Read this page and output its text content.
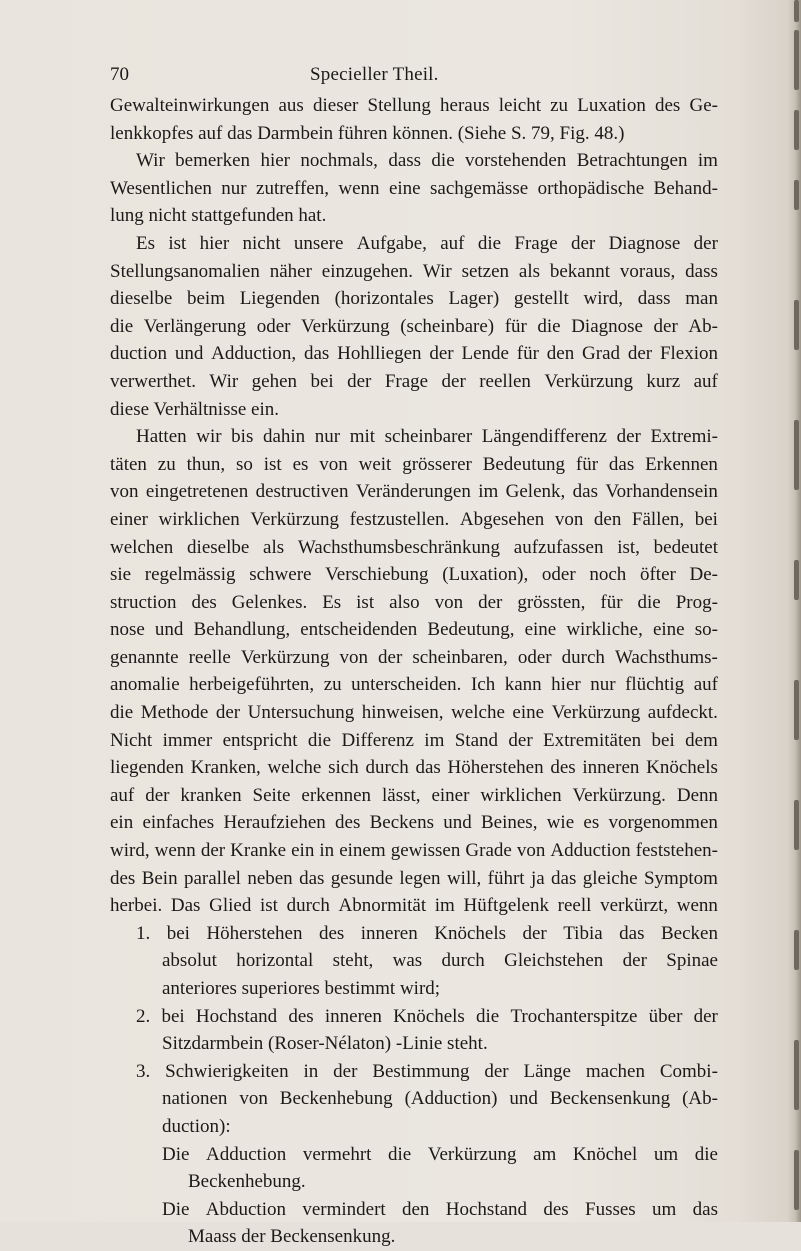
70	Specieller Theil.
Gewalteinwirkungen aus dieser Stellung heraus leicht zu Luxation des Ge-
lenkkopfes auf das Darmbein führen können. (Siehe S. 79, Fig. 48.)
Wir bemerken hier nochmals, dass die vorstehenden Betrachtungen im
Wesentlichen nur zutreffen, wenn eine sachgemässe orthopädische Behand-
lung nicht stattgefunden hat.
Es ist hier nicht unsere Aufgabe, auf die Frage der Diagnose der
Stellungsanomalien näher einzugehen. Wir setzen als bekannt voraus, dass
dieselbe beim Liegenden (horizontales Lager) gestellt wird, dass man
die Verlängerung oder Verkürzung (scheinbare) für die Diagnose der Ab-
duction und Adduction, das Hohlliegen der Lende für den Grad der Flexion
verwerthet. Wir gehen bei der Frage der reellen Verkürzung kurz auf
diese Verhältnisse ein.
Hatten wir bis dahin nur mit scheinbarer Längendifferenz der Extremi-
täten zu thun, so ist es von weit grösserer Bedeutung für das Erkennen
von eingetretenen destructiven Veränderungen im Gelenk, das Vorhandensein
einer wirklichen Verkürzung festzustellen. Abgesehen von den Fällen, bei
welchen dieselbe als Wachsthumsbeschränkung aufzufassen ist, bedeutet
sie regelmässig schwere Verschiebung (Luxation), oder noch öfter De-
struction des Gelenkes. Es ist also von der grössten, für die Prog-
nose und Behandlung, entscheidenden Bedeutung, eine wirkliche, eine so-
genannte reelle Verkürzung von der scheinbaren, oder durch Wachsthums-
anomalie herbeigeführten, zu unterscheiden. Ich kann hier nur flüchtig auf
die Methode der Untersuchung hinweisen, welche eine Verkürzung aufdeckt.
Nicht immer entspricht die Differenz im Stand der Extremitäten bei dem
liegenden Kranken, welche sich durch das Höherstehen des inneren Knöchels
auf der kranken Seite erkennen lässt, einer wirklichen Verkürzung. Denn
ein einfaches Heraufziehen des Beckens und Beines, wie es vorgenommen
wird, wenn der Kranke ein in einem gewissen Grade von Adduction feststehen-
des Bein parallel neben das gesunde legen will, führt ja das gleiche Symptom
herbei. Das Glied ist durch Abnormität im Hüftgelenk reell verkürzt, wenn
1. bei Höherstehen des inneren Knöchels der Tibia das Becken
absolut horizontal steht, was durch Gleichstehen der Spinae
anteriores superiores bestimmt wird;
2. bei Hochstand des inneren Knöchels die Trochanterspitze über der
Sitzdarmbein (Roser-Nélaton) -Linie steht.
3. Schwierigkeiten in der Bestimmung der Länge machen Combi-
nationen von Beckenhebung (Adduction) und Beckensenkung (Ab-
duction):
Die Adduction vermehrt die Verkürzung am Knöchel um die
Beckenhebung.
Die Abduction vermindert den Hochstand des Fusses um das
Maass der Beckensenkung.
